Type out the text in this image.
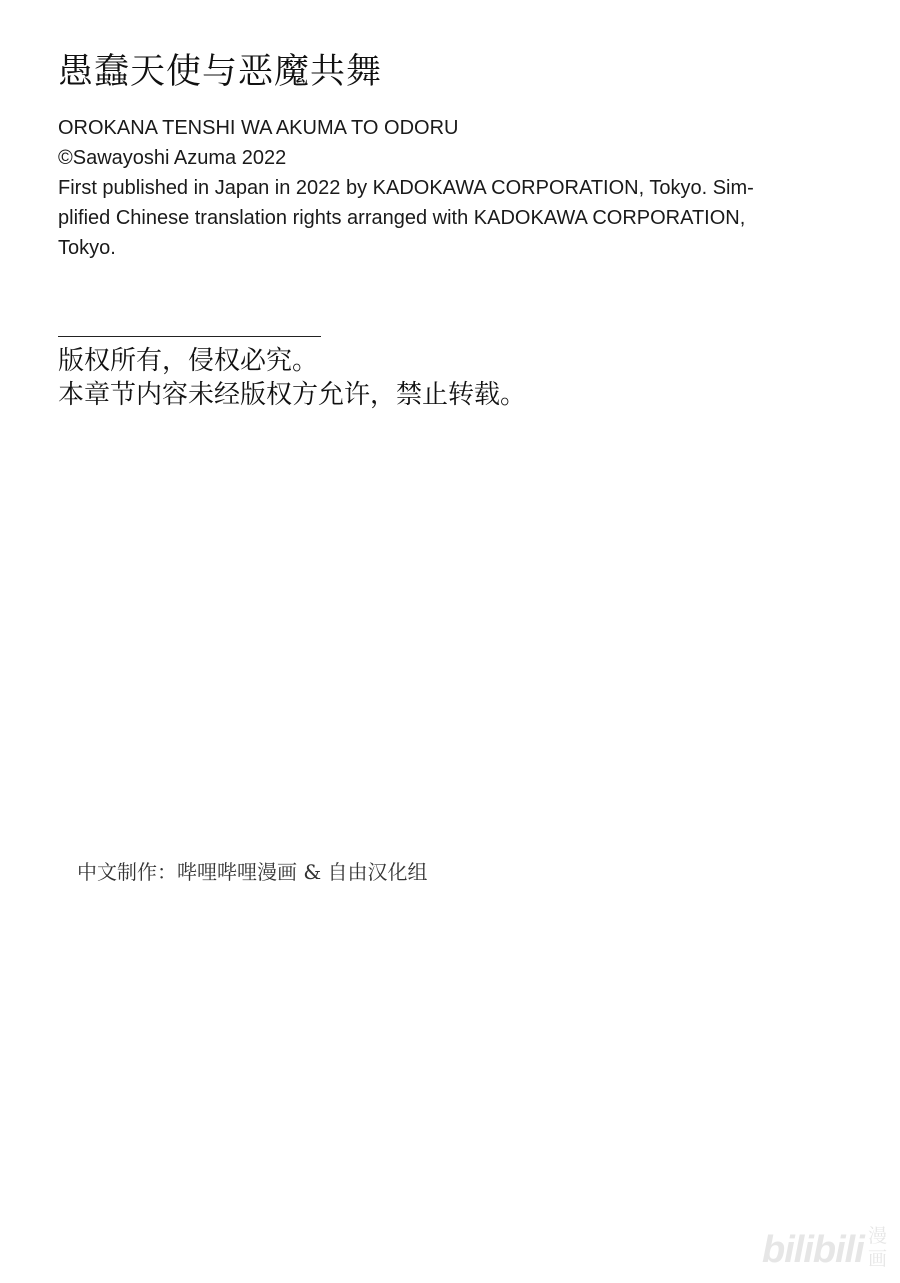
愚蠢天使与恶魔共舞
OROKANA TENSHI WA AKUMA TO ODORU
©Sawayoshi Azuma 2022
First published in Japan in 2022 by KADOKAWA CORPORATION, Tokyo. Sim-
plified Chinese translation rights arranged with KADOKAWA CORPORATION,
Tokyo.
版权所有，侵权必究。
本章节内容未经版权方允许，禁止转载。
中文制作：哔哩哔哩漫画 & 自由汉化组
bilibili 漫
画
